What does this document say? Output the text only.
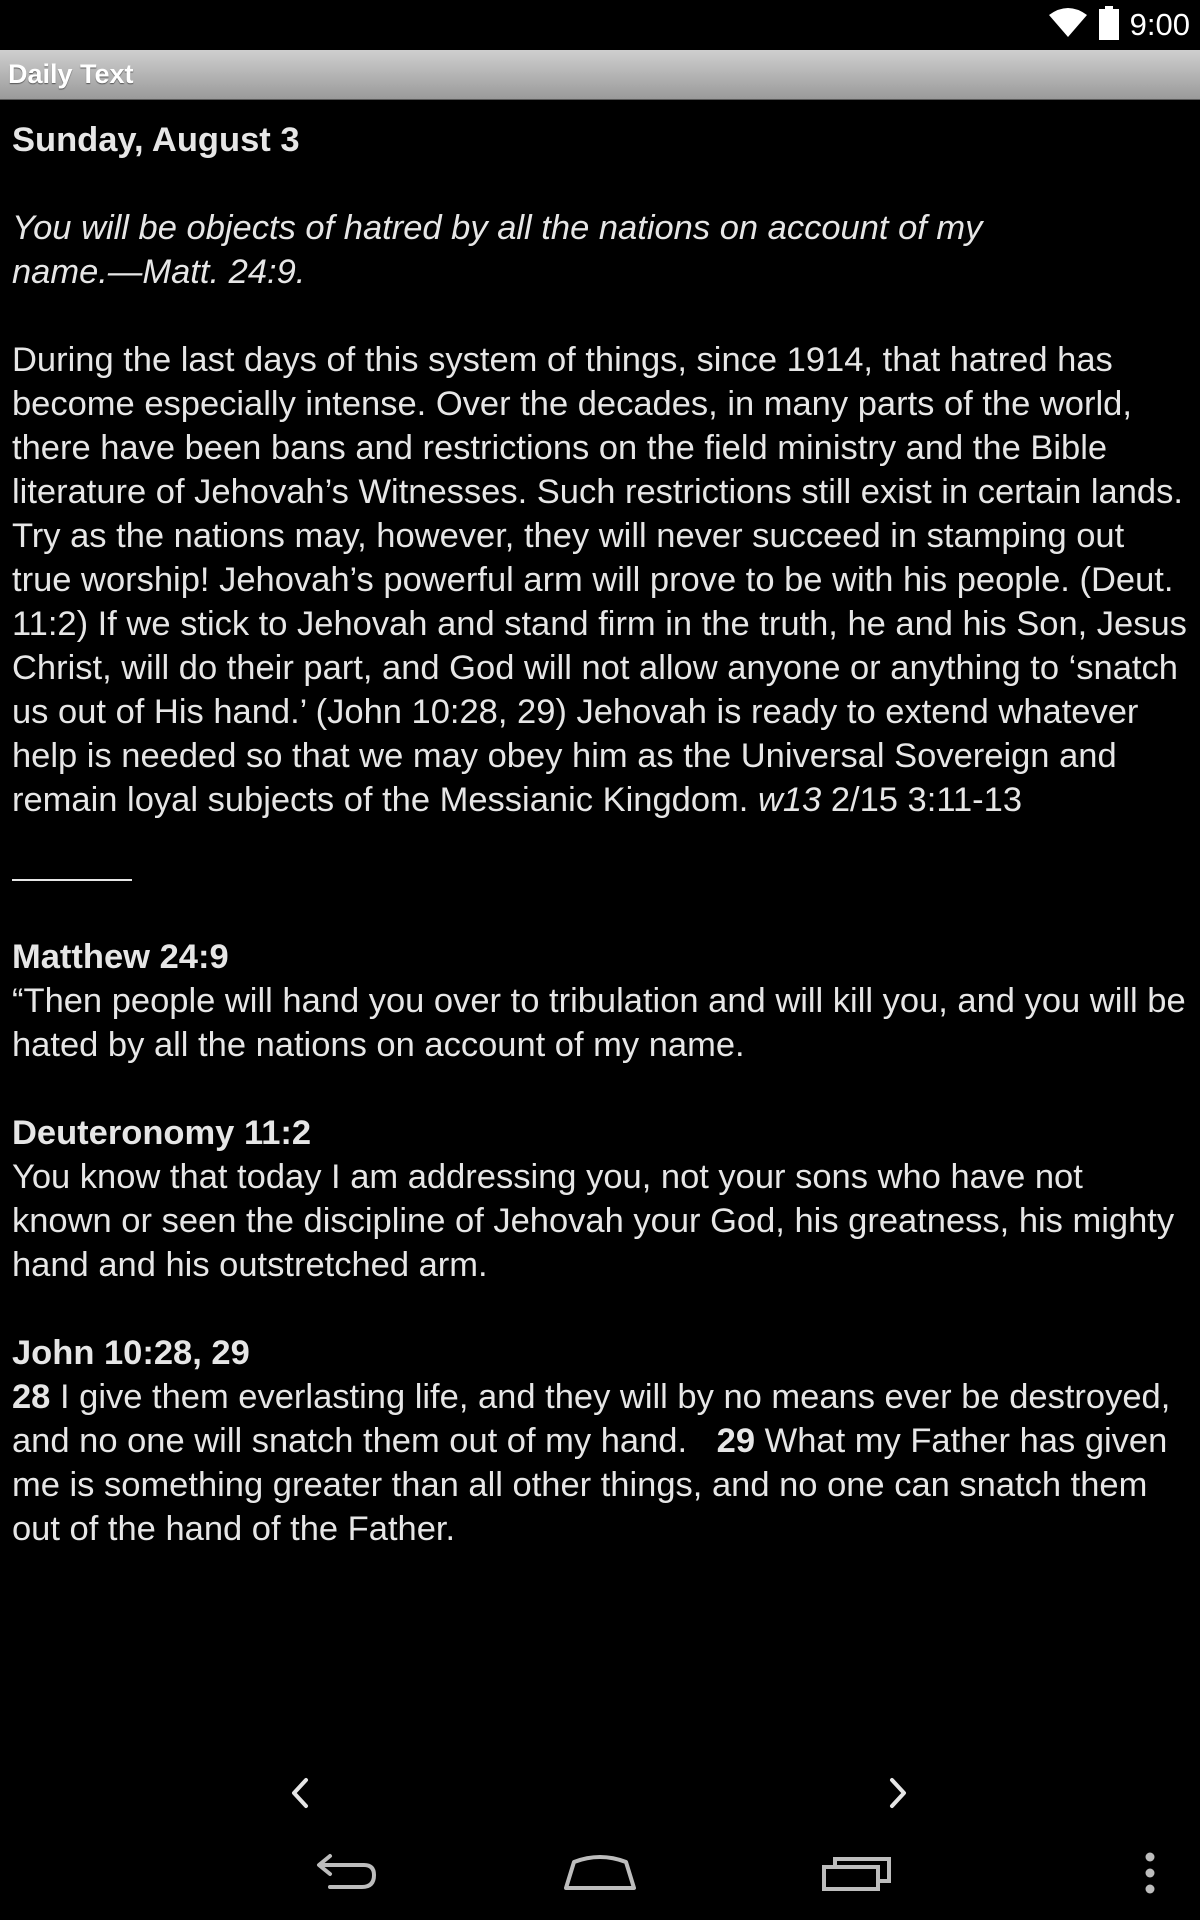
9:00
Daily Text
Sunday, August 3
You will be objects of hatred by all the nations on account of my
name.—Matt. 24:9.
During the last days of this system of things, since 1914, that hatred has become especially intense. Over the decades, in many parts of the world, there have been bans and restrictions on the field ministry and the Bible literature of Jehovah’s Witnesses. Such restrictions still exist in certain lands. Try as the nations may, however, they will never succeed in stamping out true worship! Jehovah’s powerful arm will prove to be with his people. (Deut. 11:2) If we stick to Jehovah and stand firm in the truth, he and his Son, Jesus Christ, will do their part, and God will not allow anyone or anything to ‘snatch us out of His hand.’ (John 10:28, 29) Jehovah is ready to extend whatever help is needed so that we may obey him as the Universal Sovereign and remain loyal subjects of the Messianic Kingdom. w13 2/15 3:11-13
Matthew 24:9
“Then people will hand you over to tribulation and will kill you, and you will be hated by all the nations on account of my name.
Deuteronomy 11:2
You know that today I am addressing you, not your sons who have not known or seen the discipline of Jehovah your God, his greatness, his mighty hand and his outstretched arm.
John 10:28, 29
28 I give them everlasting life, and they will by no means ever be destroyed, and no one will snatch them out of my hand. 29 What my Father has given me is something greater than all other things, and no one can snatch them out of the hand of the Father.
